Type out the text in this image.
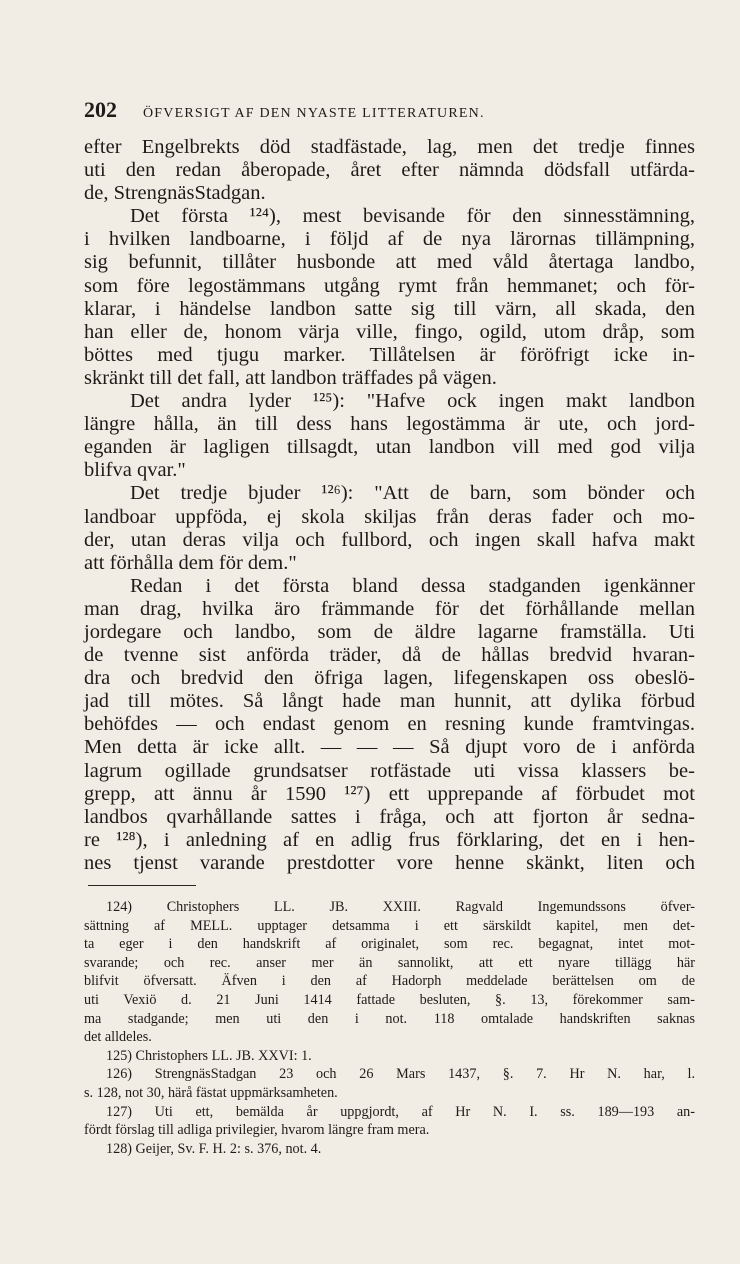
202 ÖFVERSIGT AF DEN NYASTE LITTERATUREN.
efter Engelbrekts död stadfästade, lag, men det tredje finnes
uti den redan åberopade, året efter nämnda dödsfall utfärda-
de, StrengnäsStadgan.
Det första ¹²⁴), mest bevisande för den sinnesstämning,
i hvilken landboarne, i följd af de nya lärornas tillämpning,
sig befunnit, tillåter husbonde att med våld återtaga landbo,
som före legostämmans utgång rymt från hemmanet; och för-
klarar, i händelse landbon satte sig till värn, all skada, den
han eller de, honom värja ville, fingo, ogild, utom dråp, som
böttes med tjugu marker. Tillåtelsen är föröfrigt icke in-
skränkt till det fall, att landbon träffades på vägen.
Det andra lyder ¹²⁵): "Hafve ock ingen makt landbon
längre hålla, än till dess hans legostämma är ute, och jord-
eganden är lagligen tillsagdt, utan landbon vill med god vilja
blifva qvar."
Det tredje bjuder ¹²⁶): "Att de barn, som bönder och
landboar uppföda, ej skola skiljas från deras fader och mo-
der, utan deras vilja och fullbord, och ingen skall hafva makt
att förhålla dem för dem."
Redan i det första bland dessa stadganden igenkänner
man drag, hvilka äro främmande för det förhållande mellan
jordegare och landbo, som de äldre lagarne framställa. Uti
de tvenne sist anförda träder, då de hållas bredvid hvaran-
dra och bredvid den öfriga lagen, lifegenskapen oss obeslö-
jad till mötes. Så långt hade man hunnit, att dylika förbud
behöfdes — och endast genom en resning kunde framtvingas.
Men detta är icke allt. — — — Så djupt voro de i anförda
lagrum ogillade grundsatser rotfästade uti vissa klassers be-
grepp, att ännu år 1590 ¹²⁷) ett upprepande af förbudet mot
landbos qvarhållande sattes i fråga, och att fjorton år sedna-
re ¹²⁸), i anledning af en adlig frus förklaring, det en i hen-
nes tjenst varande prestdotter vore henne skänkt, liten och
124) Christophers LL. JB. XXIII. Ragvald Ingemundssons öfver-
sättning af MELL. upptager detsamma i ett särskildt kapitel, men det-
ta eger i den handskrift af originalet, som rec. begagnat, intet mot-
svarande; och rec. anser mer än sannolikt, att ett nyare tillägg här
blifvit öfversatt. Äfven i den af Hadorph meddelade berättelsen om de
uti Vexiö d. 21 Juni 1414 fattade besluten, §. 13, förekommer sam-
ma stadgande; men uti den i not. 118 omtalade handskriften saknas
det alldeles.
125) Christophers LL. JB. XXVI: 1.
126) StrengnäsStadgan 23 och 26 Mars 1437, §. 7. Hr N. har, l.
s. 128, not 30, härå fästat uppmärksamheten.
127) Uti ett, bemälda år uppgjordt, af Hr N. I. ss. 189—193 an-
fördt förslag till adliga privilegier, hvarom längre fram mera.
128) Geijer, Sv. F. H. 2: s. 376, not. 4.
